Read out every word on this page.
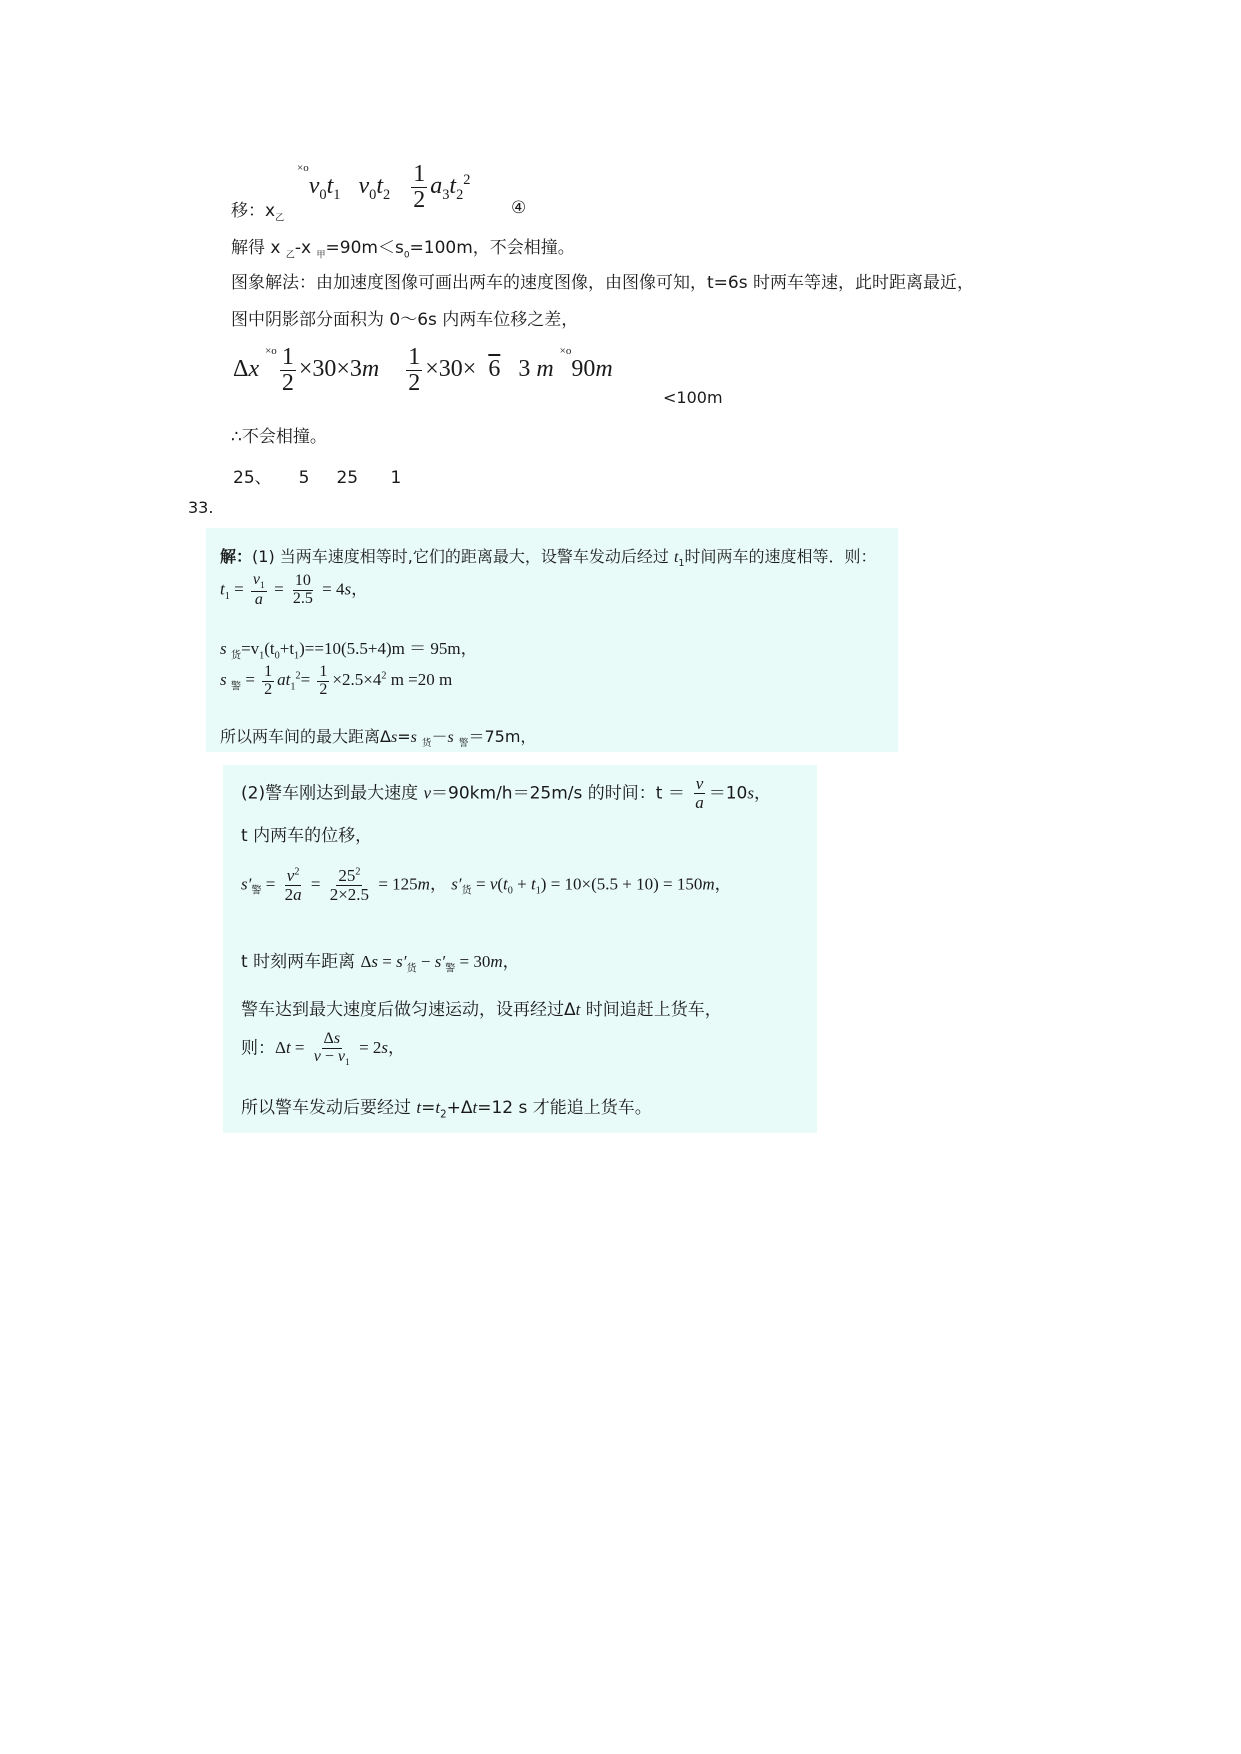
移：$x_乙$
$^{\times o}v_0t_1$   $v_0t_2 \frac{1}{2} a_3t_2^2$
④
解得 x $_乙$-x $_甲=90m<s_0=100m$，不会相撞。
图象解法：由加速度图像可画出两车的速度图像，由图像可知，t=6s 时两车等速，此时距离最近，
图中阴影部分面积为 0～6s 内两车位移之差，
Δx $^{\times o} \frac{1}{2} \times 30\times 3m \frac{1}{2} \times 30\times 6$   3 m $^{\times o}$90m
<100m
∴不会相撞。
25、     5     25      1
33.
解：(1) 当两车速度相等时,它们的距离最大，设警车发动后经过 $t_1$时间两车的速度相等．则：
$t_1 = \frac{v_1}{a} = \frac{10}{2.5} = 4s$，
s $_货=v_1(t_0+t_1)==10(5.5+4)m = 95m$，
s $_警 = \frac{1}{2} at_1^2= \frac{1}{2} \times 2.5\times 4^2$ m =20 m
所以两车间的最大距离Δs=s $_货$－s $_警$＝75m，
(2)警车刚达到最大速度 v＝90km/h＝25m/s 的时间：$t = \frac{v}{a} =10s$，
t 内两车的位移，
$s'_警 = \frac{v^2}{2a} = \frac{25^2}{2\times 2.5} = 125m$， $s'_货 = v(t_0 + t_1) = 10\times(5.5 + 10) = 150m$，
t 时刻两车距离 $\Delta s = s'_货 - s'_警 = 30m$，
警车达到最大速度后做匀速运动，设再经过Δt 时间追赶上货车，
则：$\Delta t = \frac{\Delta s}{v - v_1} = 2s$，
所以警车发动后要经过 $t=t_2+\Delta t=12$ s 才能追上货车。
